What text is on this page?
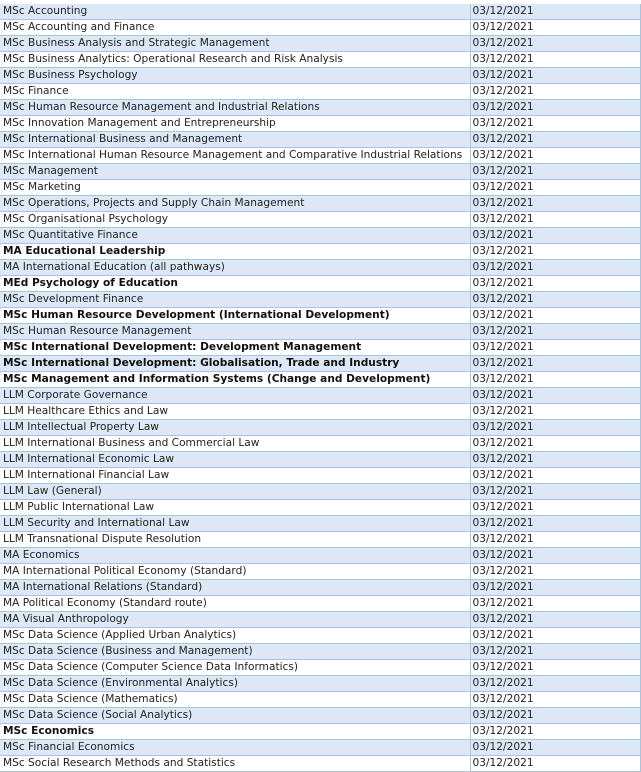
MSc Accounting	03/12/2021
MSc Accounting and Finance	03/12/2021
MSc Business Analysis and Strategic Management	03/12/2021
MSc Business Analytics: Operational Research and Risk Analysis	03/12/2021
MSc Business Psychology	03/12/2021
MSc Finance	03/12/2021
MSc Human Resource Management and Industrial Relations	03/12/2021
MSc Innovation Management and Entrepreneurship	03/12/2021
MSc International Business and Management	03/12/2021
MSc International Human Resource Management and Comparative Industrial Relations	03/12/2021
MSc Management	03/12/2021
MSc Marketing	03/12/2021
MSc Operations, Projects and Supply Chain Management	03/12/2021
MSc Organisational Psychology	03/12/2021
MSc Quantitative Finance	03/12/2021
MA Educational Leadership	03/12/2021
MA International Education (all pathways)	03/12/2021
MEd Psychology of Education	03/12/2021
MSc Development Finance	03/12/2021
MSc Human Resource Development (International Development)	03/12/2021
MSc Human Resource Management	03/12/2021
MSc International Development: Development Management	03/12/2021
MSc International Development: Globalisation, Trade and Industry	03/12/2021
MSc Management and Information Systems (Change and Development)	03/12/2021
LLM Corporate Governance	03/12/2021
LLM Healthcare Ethics and Law	03/12/2021
LLM Intellectual Property Law	03/12/2021
LLM International Business and Commercial Law	03/12/2021
LLM International Economic Law	03/12/2021
LLM International Financial Law	03/12/2021
LLM Law (General)	03/12/2021
LLM Public International Law	03/12/2021
LLM Security and International Law	03/12/2021
LLM Transnational Dispute Resolution	03/12/2021
MA Economics	03/12/2021
MA International Political Economy (Standard)	03/12/2021
MA International Relations (Standard)	03/12/2021
MA Political Economy (Standard route)	03/12/2021
MA Visual Anthropology	03/12/2021
MSc Data Science (Applied Urban Analytics)	03/12/2021
MSc Data Science (Business and Management)	03/12/2021
MSc Data Science (Computer Science Data Informatics)	03/12/2021
MSc Data Science (Environmental Analytics)	03/12/2021
MSc Data Science (Mathematics)	03/12/2021
MSc Data Science (Social Analytics)	03/12/2021
MSc Economics	03/12/2021
MSc Financial Economics	03/12/2021
MSc Social Research Methods and Statistics	03/12/2021
